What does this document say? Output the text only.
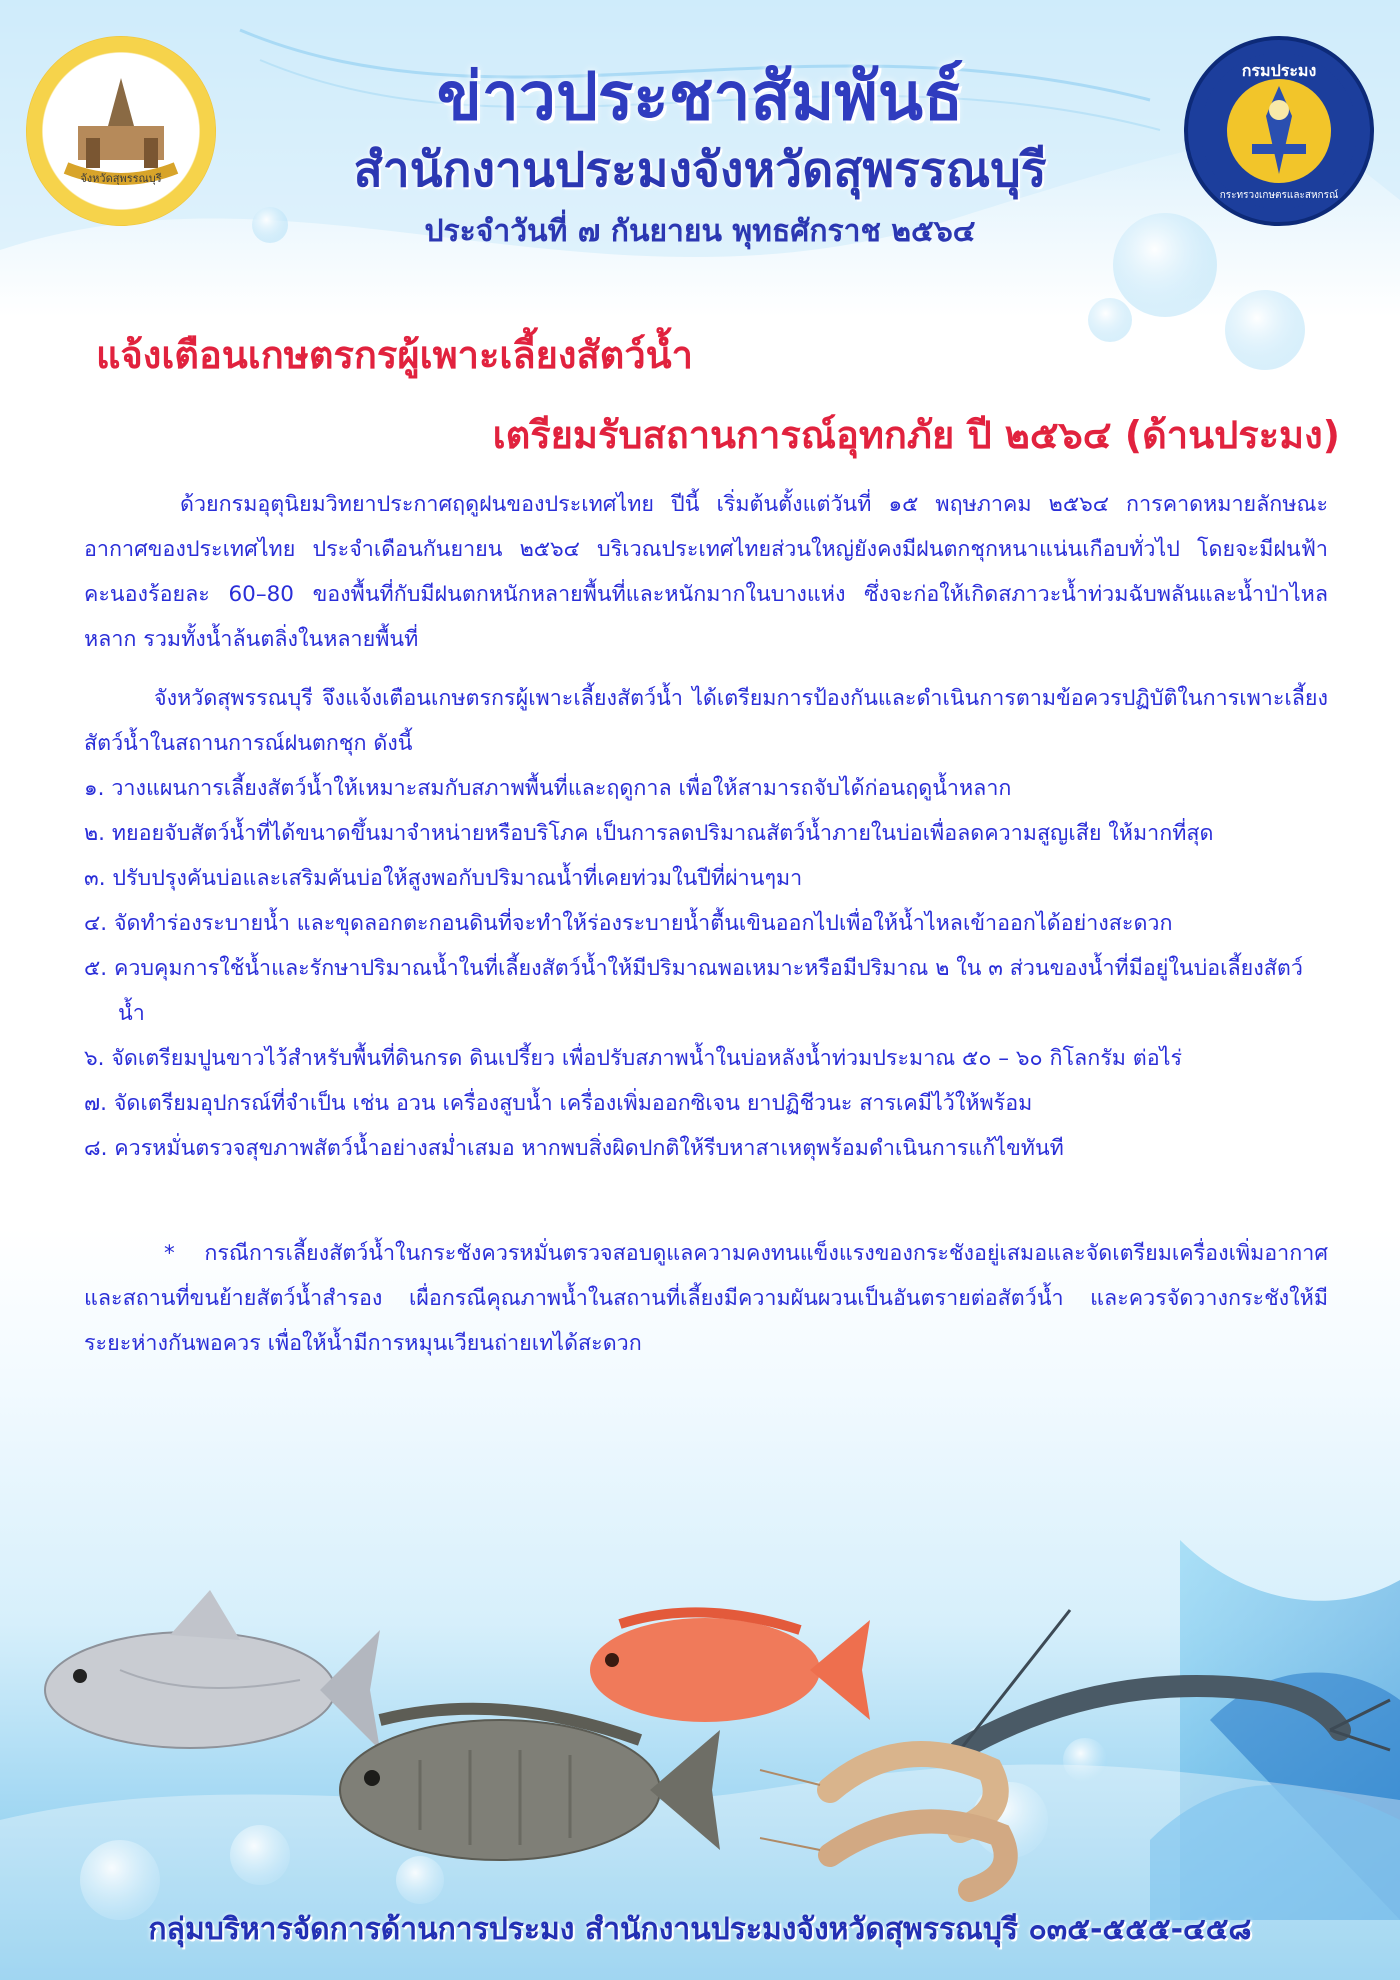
จังหวัดสุพรรณบุรี
กรมประมง
กระทรวงเกษตรและสหกรณ์
ข่าวประชาสัมพันธ์
สำนักงานประมงจังหวัดสุพรรณบุรี
ประจำวันที่ ๗ กันยายน พุทธศักราช ๒๕๖๔
แจ้งเตือนเกษตรกรผู้เพาะเลี้ยงสัตว์น้ำ
เตรียมรับสถานการณ์อุทกภัย ปี ๒๕๖๔ (ด้านประมง)

ด้วยกรมอุตุนิยมวิทยาประกาศฤดูฝนของประเทศไทย ปีนี้ เริ่มต้นตั้งแต่วันที่ ๑๕ พฤษภาคม ๒๕๖๔ การคาดหมายลักษณะอากาศของประเทศไทย ประจำเดือนกันยายน ๒๕๖๔ บริเวณประเทศไทยส่วนใหญ่ยังคงมีฝนตกชุกหนาแน่นเกือบทั่วไป โดยจะมีฝนฟ้าคะนองร้อยละ 60–80 ของพื้นที่กับมีฝนตกหนักหลายพื้นที่และหนักมากในบางแห่ง ซึ่งจะก่อให้เกิดสภาวะน้ำท่วมฉับพลันและน้ำป่าไหลหลาก รวมทั้งน้ำล้นตลิ่งในหลายพื้นที่

จังหวัดสุพรรณบุรี จึงแจ้งเตือนเกษตรกรผู้เพาะเลี้ยงสัตว์น้ำ ได้เตรียมการป้องกันและดำเนินการตามข้อควรปฏิบัติในการเพาะเลี้ยงสัตว์น้ำในสถานการณ์ฝนตกชุก ดังนี้

๑. วางแผนการเลี้ยงสัตว์น้ำให้เหมาะสมกับสภาพพื้นที่และฤดูกาล เพื่อให้สามารถจับได้ก่อนฤดูน้ำหลาก
๒. ทยอยจับสัตว์น้ำที่ได้ขนาดขึ้นมาจำหน่ายหรือบริโภค เป็นการลดปริมาณสัตว์น้ำภายในบ่อเพื่อลดความสูญเสีย ให้มากที่สุด
๓. ปรับปรุงคันบ่อและเสริมคันบ่อให้สูงพอกับปริมาณน้ำที่เคยท่วมในปีที่ผ่านๆมา
๔. จัดทำร่องระบายน้ำ และขุดลอกตะกอนดินที่จะทำให้ร่องระบายน้ำตื้นเขินออกไปเพื่อให้น้ำไหลเข้าออกได้อย่างสะดวก
๕. ควบคุมการใช้น้ำและรักษาปริมาณน้ำในที่เลี้ยงสัตว์น้ำให้มีปริมาณพอเหมาะหรือมีปริมาณ ๒ ใน ๓ ส่วนของน้ำที่มีอยู่ในบ่อเลี้ยงสัตว์น้ำ
๖. จัดเตรียมปูนขาวไว้สำหรับพื้นที่ดินกรด ดินเปรี้ยว เพื่อปรับสภาพน้ำในบ่อหลังน้ำท่วมประมาณ ๕๐ – ๖๐ กิโลกรัม ต่อไร่
๗. จัดเตรียมอุปกรณ์ที่จำเป็น เช่น อวน เครื่องสูบน้ำ เครื่องเพิ่มออกซิเจน ยาปฏิชีวนะ สารเคมีไว้ให้พร้อม
๘. ควรหมั่นตรวจสุขภาพสัตว์น้ำอย่างสม่ำเสมอ หากพบสิ่งผิดปกติให้รีบหาสาเหตุพร้อมดำเนินการแก้ไขทันที

* กรณีการเลี้ยงสัตว์น้ำในกระชังควรหมั่นตรวจสอบดูแลความคงทนแข็งแรงของกระชังอยู่เสมอและจัดเตรียมเครื่องเพิ่มอากาศ และสถานที่ขนย้ายสัตว์น้ำสำรอง เผื่อกรณีคุณภาพน้ำในสถานที่เลี้ยงมีความผันผวนเป็นอันตรายต่อสัตว์น้ำ และควรจัดวางกระชังให้มีระยะห่างกันพอควร เพื่อให้น้ำมีการหมุนเวียนถ่ายเทได้สะดวก

กลุ่มบริหารจัดการด้านการประมง สำนักงานประมงจังหวัดสุพรรณบุรี ๐๓๕-๕๕๕-๔๕๘
